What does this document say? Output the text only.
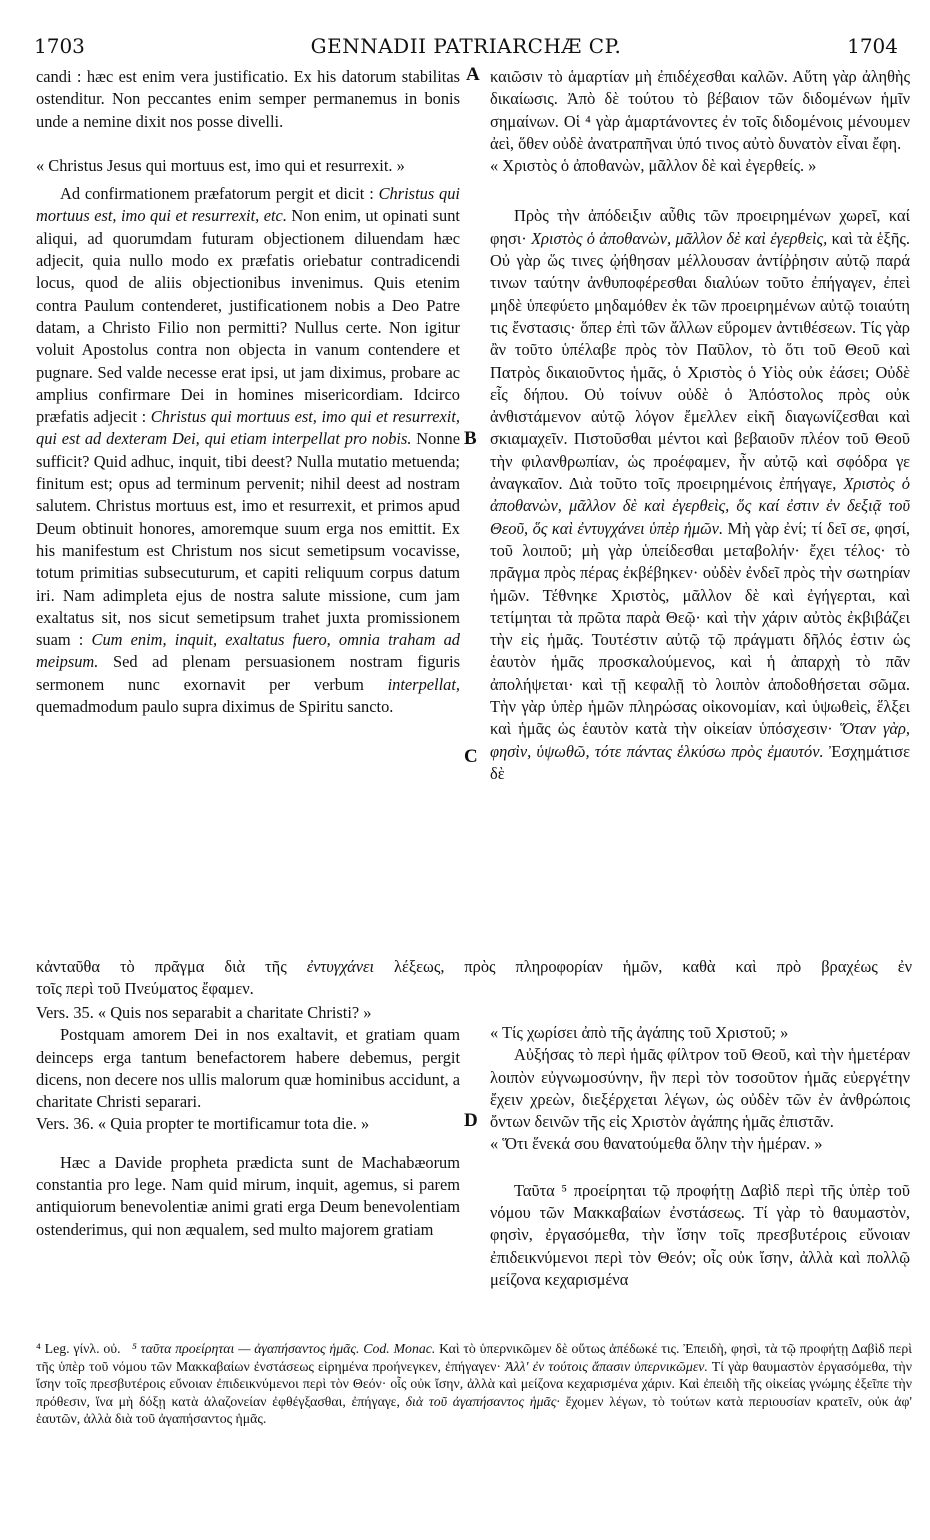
1703	GENNADII PATRIARCHÆ CP.	1704
A
B
C
D

candi : hæc est enim vera justificatio. Ex his datorum stabilitas ostenditur. Non peccantes enim semper permanemus in bonis unde a nemine dixit nos posse divelli.

« Christus Jesus qui mortuus est, imo qui et resurrexit. »

Ad confirmationem præfatorum pergit et dicit : Christus qui mortuus est, imo qui et resurrexit, etc. Non enim, ut opinati sunt aliqui, ad quorumdam futuram objectionem diluendam hæc adjecit, quia nullo modo ex præfatis oriebatur contradicendi locus, quod de aliis objectionibus invenimus. Quis etenim contra Paulum contenderet, justificationem nobis a Deo Patre datam, a Christo Filio non permitti? Nullus certe. Non igitur voluit Apostolus contra non objecta in vanum contendere et pugnare. Sed valde necesse erat ipsi, ut jam diximus, probare ac amplius confirmare Dei in homines misericordiam. Idcirco præfatis adjecit : Christus qui mortuus est, imo qui et resurrexit, qui est ad dexteram Dei, qui etiam interpellat pro nobis. Nonne sufficit? Quid adhuc, inquit, tibi deest? Nulla mutatio metuenda; finitum est; opus ad terminum pervenit; nihil deest ad nostram salutem. Christus mortuus est, imo et resurrexit, et primos apud Deum obtinuit honores, amoremque suum erga nos emittit. Ex his manifestum est Christum nos sicut semetipsum vocavisse, totum primitias subsecuturum, et capiti reliquum corpus datum iri. Nam adimpleta ejus de nostra salute missione, cum jam exaltatus sit, nos sicut semetipsum trahet juxta promissionem suam : Cum enim, inquit, exaltatus fuero, omnia traham ad meipsum. Sed ad plenam persuasionem nostram figuris sermonem nunc exornavit per verbum interpellat, quemadmodum paulo supra diximus de Spiritu sancto.

καιῶσιν τὸ ἁμαρτίαν μὴ ἐπιδέχεσθαι καλῶν. Αὕτη γὰρ ἀληθὴς δικαίωσις. Ἀπὸ δὲ τούτου τὸ βέβαιον τῶν διδομένων ἡμῖν σημαίνων. Οἱ ⁴ γὰρ ἁμαρτάνοντες ἐν τοῖς διδομένοις μένουμεν ἀεὶ, ὅθεν οὐδὲ ἀνατραπῆναι ὑπό τινος αὐτὸ δυνατὸν εἶναι ἔφη.

« Χριστὸς ὁ ἀποθανὼν, μᾶλλον δὲ καὶ ἐγερθείς. »

Πρὸς τὴν ἀπόδειξιν αὖθις τῶν προειρημένων χωρεῖ, καί φησι· Χριστὸς ὁ ἀποθανὼν, μᾶλλον δὲ καὶ ἐγερθεὶς, καὶ τὰ ἑξῆς. Οὐ γὰρ ὥς τινες ᾠήθησαν μέλλουσαν ἀντίῤῥησιν αὐτῷ παρά τινων ταύτην ἀνθυποφέρεσθαι διαλύων τοῦτο ἐπήγαγεν, ἐπεὶ μηδὲ ὑπεφύετο μηδαμόθεν ἐκ τῶν προειρημένων αὐτῷ τοιαύτη τις ἔνστασις· ὅπερ ἐπὶ τῶν ἄλλων εὕρομεν ἀντιθέσεων. Τίς γὰρ ἂν τοῦτο ὑπέλαβε πρὸς τὸν Παῦλον, τὸ ὅτι τοῦ Θεοῦ καὶ Πατρὸς δικαιοῦντος ἡμᾶς, ὁ Χριστὸς ὁ Υἱὸς οὐκ ἐάσει; Οὐδὲ εἷς δήπου. Οὐ τοίνυν οὐδὲ ὁ Ἀπόστολος πρὸς οὐκ ἀνθιστάμενον αὐτῷ λόγον ἔμελλεν εἰκῆ διαγωνίζεσθαι καὶ σκιαμαχεῖν. Πιστοῦσθαι μέντοι καὶ βεβαιοῦν πλέον τοῦ Θεοῦ τὴν φιλανθρωπίαν, ὡς προέφαμεν, ἦν αὐτῷ καὶ σφόδρα γε ἀναγκαῖον. Διὰ τοῦτο τοῖς προειρημένοις ἐπήγαγε, Χριστὸς ὁ ἀποθανὼν, μᾶλλον δὲ καὶ ἐγερθεὶς, ὅς καί ἐστιν ἐν δεξιᾷ τοῦ Θεοῦ, ὅς καὶ ἐντυγχάνει ὑπὲρ ἡμῶν. Μὴ γὰρ ἐνί; τί δεῖ σε, φησί, τοῦ λοιποῦ; μὴ γὰρ ὑπείδεσθαι μεταβολήν· ἔχει τέλος· τὸ πρᾶγμα πρὸς πέρας ἐκβέβηκεν· οὐδὲν ἐνδεῖ πρὸς τὴν σωτηρίαν ἡμῶν. Τέθνηκε Χριστὸς, μᾶλλον δὲ καὶ ἐγήγερται, καὶ τετίμηται τὰ πρῶτα παρὰ Θεῷ· καὶ τὴν χάριν αὐτὸς ἐκβιβάζει τὴν εἰς ἡμᾶς. Τουτέστιν αὐτῷ τῷ πράγματι δῆλός ἐστιν ὡς ἑαυτὸν ἡμᾶς προσκαλούμενος, καὶ ἡ ἀπαρχὴ τὸ πᾶν ἀπολήψεται· καὶ τῇ κεφαλῇ τὸ λοιπὸν ἀποδοθήσεται σῶμα. Τὴν γὰρ ὑπὲρ ἡμῶν πληρώσας οἰκονομίαν, καὶ ὑψωθεὶς, ἕλξει καὶ ἡμᾶς ὡς ἑαυτὸν κατὰ τὴν οἰκείαν ὑπόσχεσιν· Ὅταν γὰρ, φησὶν, ὑψωθῶ, τότε πάντας ἑλκύσω πρὸς ἐμαυτόν. Ἐσχημάτισε δὲ

κἀνταῦθα τὸ πρᾶγμα διὰ τῆς ἐντυγχάνει λέξεως, πρὸς πληροφορίαν ἡμῶν, καθὰ καὶ πρὸ βραχέως ἐν

τοῖς περὶ τοῦ Πνεύματος ἔφαμεν.

Vers. 35. « Quis nos separabit a charitate Christi? »

Postquam amorem Dei in nos exaltavit, et gratiam quam deinceps erga tantum benefactorem habere debemus, pergit dicens, non decere nos ullis malorum quæ hominibus accidunt, a charitate Christi separari.

Vers. 36. « Quia propter te mortificamur tota die. »

Hæc a Davide propheta prædicta sunt de Machabæorum constantia pro lege. Nam quid mirum, inquit, agemus, si parem antiquiorum benevolentiæ animi grati erga Deum benevolentiam ostenderimus, qui non æqualem, sed multo majorem gratiam

« Τίς χωρίσει ἀπὸ τῆς ἀγάπης τοῦ Χριστοῦ; »

Αὐξήσας τὸ περὶ ἡμᾶς φίλτρον τοῦ Θεοῦ, καὶ τὴν ἡμετέραν λοιπὸν εὐγνωμοσύνην, ἣν περὶ τὸν τοσοῦτον ἡμᾶς εὐεργέτην ἔχειν χρεὼν, διεξέρχεται λέγων, ὡς οὐδὲν τῶν ἐν ἀνθρώποις ὄντων δεινῶν τῆς εἰς Χριστὸν ἀγάπης ἡμᾶς ἐπιστᾶν.

« Ὅτι ἕνεκά σου θανατούμεθα ὅλην τὴν ἡμέραν. »

Ταῦτα ⁵ προείρηται τῷ προφήτῃ Δαβὶδ περὶ τῆς ὑπὲρ τοῦ νόμου τῶν Μακκαβαίων ἐνστάσεως. Τί γὰρ τὸ θαυμαστὸν, φησὶν, ἐργασόμεθα, τὴν ἴσην τοῖς πρεσβυτέροις εὔνοιαν ἐπιδεικνύμενοι περὶ τὸν Θεόν; οἷς οὐκ ἴσην, ἀλλὰ καὶ πολλῷ μείζονα κεχαρισμένα

⁴ Leg. γίνλ. οὐ. ⁵ ταῦτα προείρηται — ἀγαπήσαντος ἡμᾶς. Cod. Monac. Καὶ τὸ ὑπερνικῶμεν δὲ οὕτως ἀπέδωκέ τις. Ἐπειδὴ, φησὶ, τὰ τῷ προφήτῃ Δαβὶδ περὶ τῆς ὑπὲρ τοῦ νόμου τῶν Μακκαβαίων ἐνστάσεως εἰρημένα προήνεγκεν, ἐπήγαγεν· Ἀλλ' ἐν τούτοις ἅπασιν ὑπερνικῶμεν. Τί γὰρ θαυμαστὸν ἐργασόμεθα, τὴν ἴσην τοῖς πρεσβυτέροις εὔνοιαν ἐπιδεικνύμενοι περὶ τὸν Θεόν· οἷς οὐκ ἴσην, ἀλλὰ καὶ μείζονα κεχαρισμένα χάριν. Καὶ ἐπειδὴ τῆς οἰκείας γνώμης ἐξεῖπε τὴν πρόθεσιν, ἵνα μὴ δόξῃ κατὰ ἀλαζονείαν ἐφθέγξασθαι, ἐπήγαγε, διὰ τοῦ ἀγαπήσαντος ἡμᾶς· ἔχομεν λέγων, τὸ τούτων κατὰ περιουσίαν κρατεῖν, οὐκ ἀφ' ἑαυτῶν, ἀλλὰ διὰ τοῦ ἀγαπήσαντος ἡμᾶς.
